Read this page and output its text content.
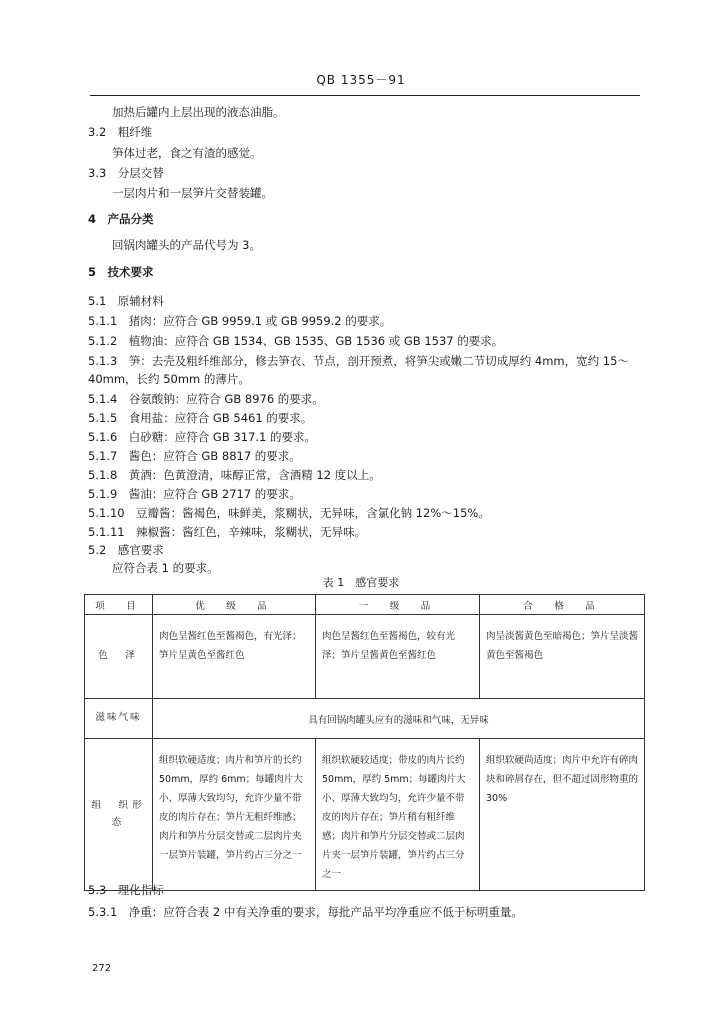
QB 1355－91
加热后罐内上层出现的液态油脂。
3.2　粗纤维
笋体过老，食之有渣的感觉。
3.3　分层交替
一层肉片和一层笋片交替装罐。
4　产品分类
回锅肉罐头的产品代号为 3。
5　技术要求
5.1　原辅材料
5.1.1　猪肉：应符合 GB 9959.1 或 GB 9959.2 的要求。
5.1.2　植物油：应符合 GB 1534、GB 1535、GB 1536 或 GB 1537 的要求。
5.1.3　笋：去壳及粗纤维部分，修去笋衣、节点，剖开预煮，将笋尖或嫩二节切成厚约 4mm，宽约 15～
40mm，长约 50mm 的薄片。
5.1.4　谷氨酸钠：应符合 GB 8976 的要求。
5.1.5　食用盐：应符合 GB 5461 的要求。
5.1.6　白砂糖：应符合 GB 317.1 的要求。
5.1.7　酱色：应符合 GB 8817 的要求。
5.1.8　黄酒：色黄澄清，味醇正常，含酒精 12 度以上。
5.1.9　酱油：应符合 GB 2717 的要求。
5.1.10　豆瓣酱：酱褐色，味鲜美，浆糊状，无异味，含氯化钠 12%～15%。
5.1.11　辣椒酱：酱红色，辛辣味，浆糊状，无异味。
5.2　感官要求
应符合表 1 的要求。
5.3　理化指标
5.3.1　净重：应符合表 2 中有关净重的要求，每批产品平均净重应不低于标明重量。
表 1　感官要求
项　目	优　级　品	一　级　品	合　格　品
色　泽	肉色呈酱红色至酱褐色，有光泽；笋片呈黄色至酱红色	肉色呈酱红色至酱褐色，较有光泽；笋片呈酱黄色至酱红色	肉呈淡酱黄色至暗褐色；笋片呈淡酱黄色至酱褐色
滋味气味	具有回锅肉罐头应有的滋味和气味，无异味		
组　织形　态	组织软硬适度；肉片和笋片的长约 50mm，厚约 6mm；每罐肉片大小、厚薄大致均匀，允许少量不带皮的肉片存在；笋片无粗纤维感；肉片和笋片分层交替或二层肉片夹一层笋片装罐，笋片约占三分之一	组织软硬较适度；带皮的肉片长约 50mm，厚约 5mm；每罐肉片大小、厚薄大致均匀，允许少量不带皮的肉片存在；笋片稍有粗纤维感；肉片和笋片分层交替或二层肉片夹一层笋片装罐，笋片约占三分之一	组织软硬尚适度；肉片中允许有碎肉块和碎屑存在，但不超过固形物重的 30%
272
